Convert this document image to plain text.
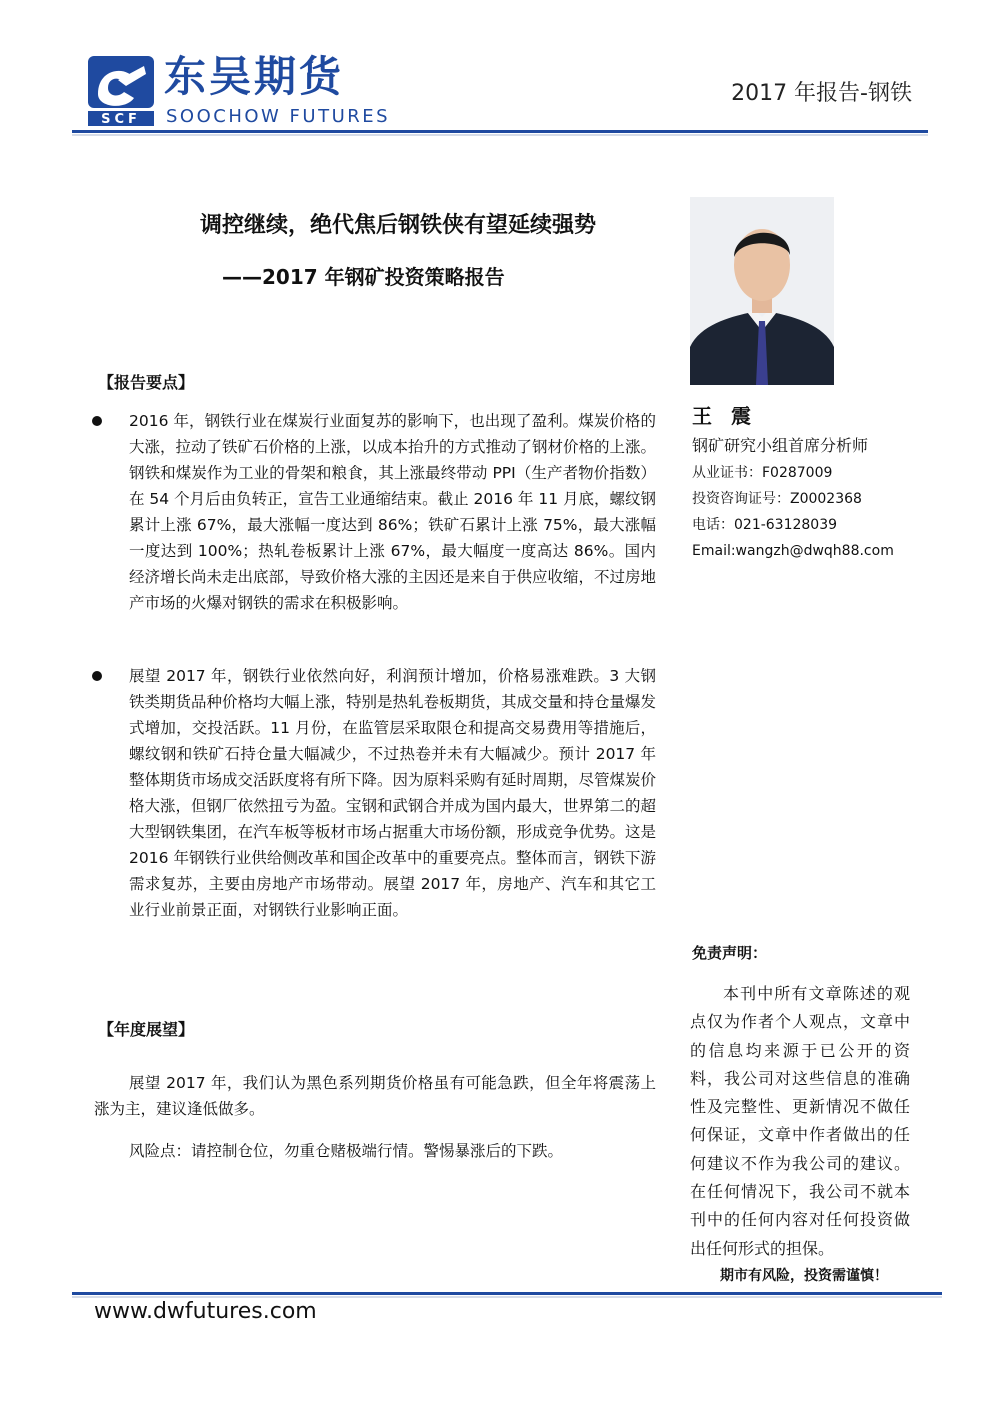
SCF
东吴期货
SOOCHOW FUTURES
2017 年报告-钢铁
调控继续，绝代焦后钢铁侠有望延续强势
——2017 年钢矿投资策略报告
王 震
钢矿研究小组首席分析师
从业证书：F0287009
投资咨询证号：Z0002368
电话：021-63128039
Email:wangzh@dwqh88.com
【报告要点】
2016 年，钢铁行业在煤炭行业面复苏的影响下，也出现了盈利。煤炭价格的大涨，拉动了铁矿石价格的上涨，以成本抬升的方式推动了钢材价格的上涨。钢铁和煤炭作为工业的骨架和粮食，其上涨最终带动 PPI（生产者物价指数）在 54 个月后由负转正，宣告工业通缩结束。截止 2016 年 11 月底，螺纹钢累计上涨 67%，最大涨幅一度达到 86%；铁矿石累计上涨 75%，最大涨幅一度达到 100%；热轧卷板累计上涨 67%，最大幅度一度高达 86%。国内经济增长尚未走出底部，导致价格大涨的主因还是来自于供应收缩，不过房地产市场的火爆对钢铁的需求在积极影响。
展望 2017 年，钢铁行业依然向好，利润预计增加，价格易涨难跌。3 大钢铁类期货品种价格均大幅上涨，特别是热轧卷板期货，其成交量和持仓量爆发式增加，交投活跃。11 月份，在监管层采取限仓和提高交易费用等措施后，螺纹钢和铁矿石持仓量大幅减少，不过热卷并未有大幅减少。预计 2017 年整体期货市场成交活跃度将有所下降。因为原料采购有延时周期，尽管煤炭价格大涨，但钢厂依然扭亏为盈。宝钢和武钢合并成为国内最大，世界第二的超大型钢铁集团，在汽车板等板材市场占据重大市场份额，形成竞争优势。这是 2016 年钢铁行业供给侧改革和国企改革中的重要亮点。整体而言，钢铁下游需求复苏，主要由房地产市场带动。展望 2017 年，房地产、汽车和其它工业行业前景正面，对钢铁行业影响正面。
【年度展望】
展望 2017 年，我们认为黑色系列期货价格虽有可能急跌，但全年将震荡上涨为主，建议逢低做多。
风险点：请控制仓位，勿重仓赌极端行情。警惕暴涨后的下跌。
免责声明：
本刊中所有文章陈述的观点仅为作者个人观点，文章中的信息均来源于已公开的资料，我公司对这些信息的准确性及完整性、更新情况不做任何保证，文章中作者做出的任何建议不作为我公司的建议。在任何情况下，我公司不就本刊中的任何内容对任何投资做出任何形式的担保。
期市有风险，投资需谨慎！
www.dwfutures.com
